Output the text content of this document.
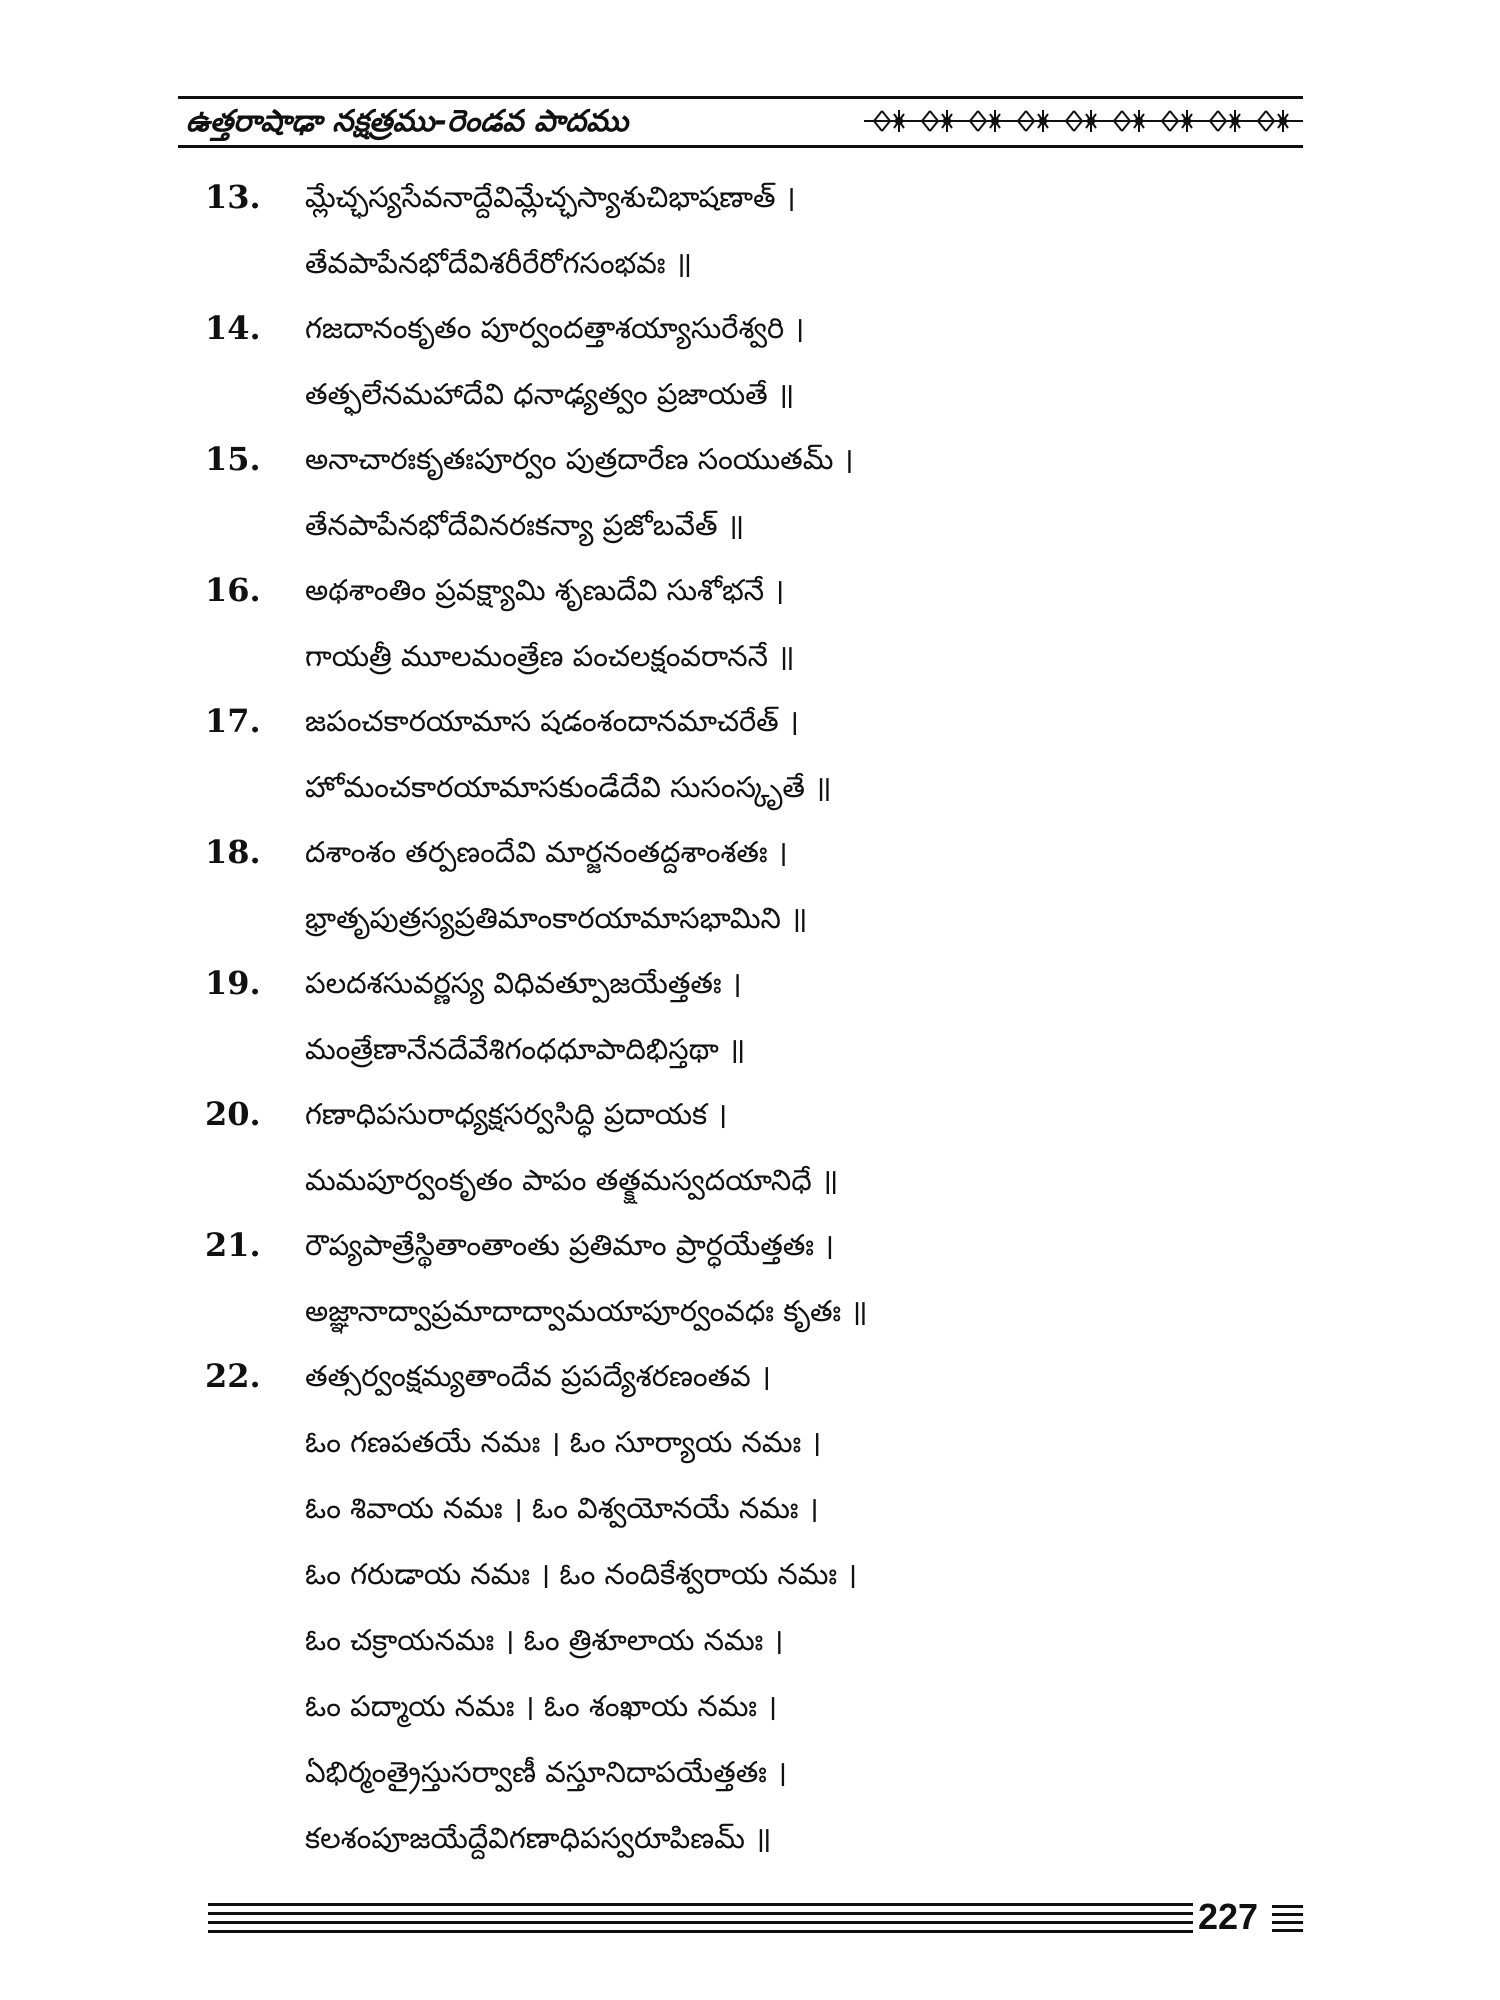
ఉత్తరాషాఢా నక్షత్రము-రెండవ పాదము
13. మ్లేచ్ఛస్యసేవనాద్దేవిమ్లేచ్ఛస్యాశుచిభాషణాత్ ।
తేవపాపేనభోదేవిశరీరేరోగసంభవః ॥
14. గజదానంకృతం పూర్వందత్తాశయ్యాసురేశ్వరి ।
తత్ఫలేనమహాదేవి ధనాఢ్యత్వం ప్రజాయతే ॥
15. అనాచారఃకృతఃపూర్వం పుత్రదారేణ సంయుతమ్ ।
తేనపాపేనభోదేవినరఃకన్యా ప్రజోబవేత్ ॥
16. అథశాంతిం ప్రవక్ష్యామి శృణుదేవి సుశోభనే ।
గాయత్రీ మూలమంత్రేణ పంచలక్షంవరాననే ॥
17. జపంచకారయామాస షడంశందానమాచరేత్ ।
హోమంచకారయామాసకుండేదేవి సుసంస్కృతే ॥
18. దశాంశం తర్పణందేవి మార్జనంతద్దశాంశతః ।
భ్రాతృపుత్రస్యప్రతిమాంకారయామాసభామిని ॥
19. పలదశసువర్ణస్య విధివత్పూజయేత్తతః ।
మంత్రేణానేనదేవేశిగంధధూపాదిభిస్తథా ॥
20. గణాధిపసురాధ్యక్షసర్వసిద్ధి ప్రదాయక ।
మమపూర్వంకృతం పాపం తత్క్షమస్వదయానిధే ॥
21. రౌప్యపాత్రేస్థితాంతాంతు ప్రతిమాం ప్రార్ధయేత్తతః ।
అజ్ఞానాద్వాప్రమాదాద్వామయాపూర్వంవధః కృతః ॥
22. తత్సర్వంక్షమ్యతాందేవ ప్రపద్యేశరణంతవ ।
ఓం గణపతయే నమః । ఓం సూర్యాయ నమః ।
ఓం శివాయ నమః । ఓం విశ్వయోనయే నమః ।
ఓం గరుడాయ నమః । ఓం నందికేశ్వరాయ నమః ।
ఓం చక్రాయనమః । ఓం త్రిశూలాయ నమః ।
ఓం పద్మాయ నమః । ఓం శంఖాయ నమః ।
ఏభిర్మంత్రైస్తుసర్వాణీ వస్తూనిదాపయేత్తతః ।
కలశంపూజయేద్దేవిగణాధిపస్వరూపిణమ్ ॥
227
